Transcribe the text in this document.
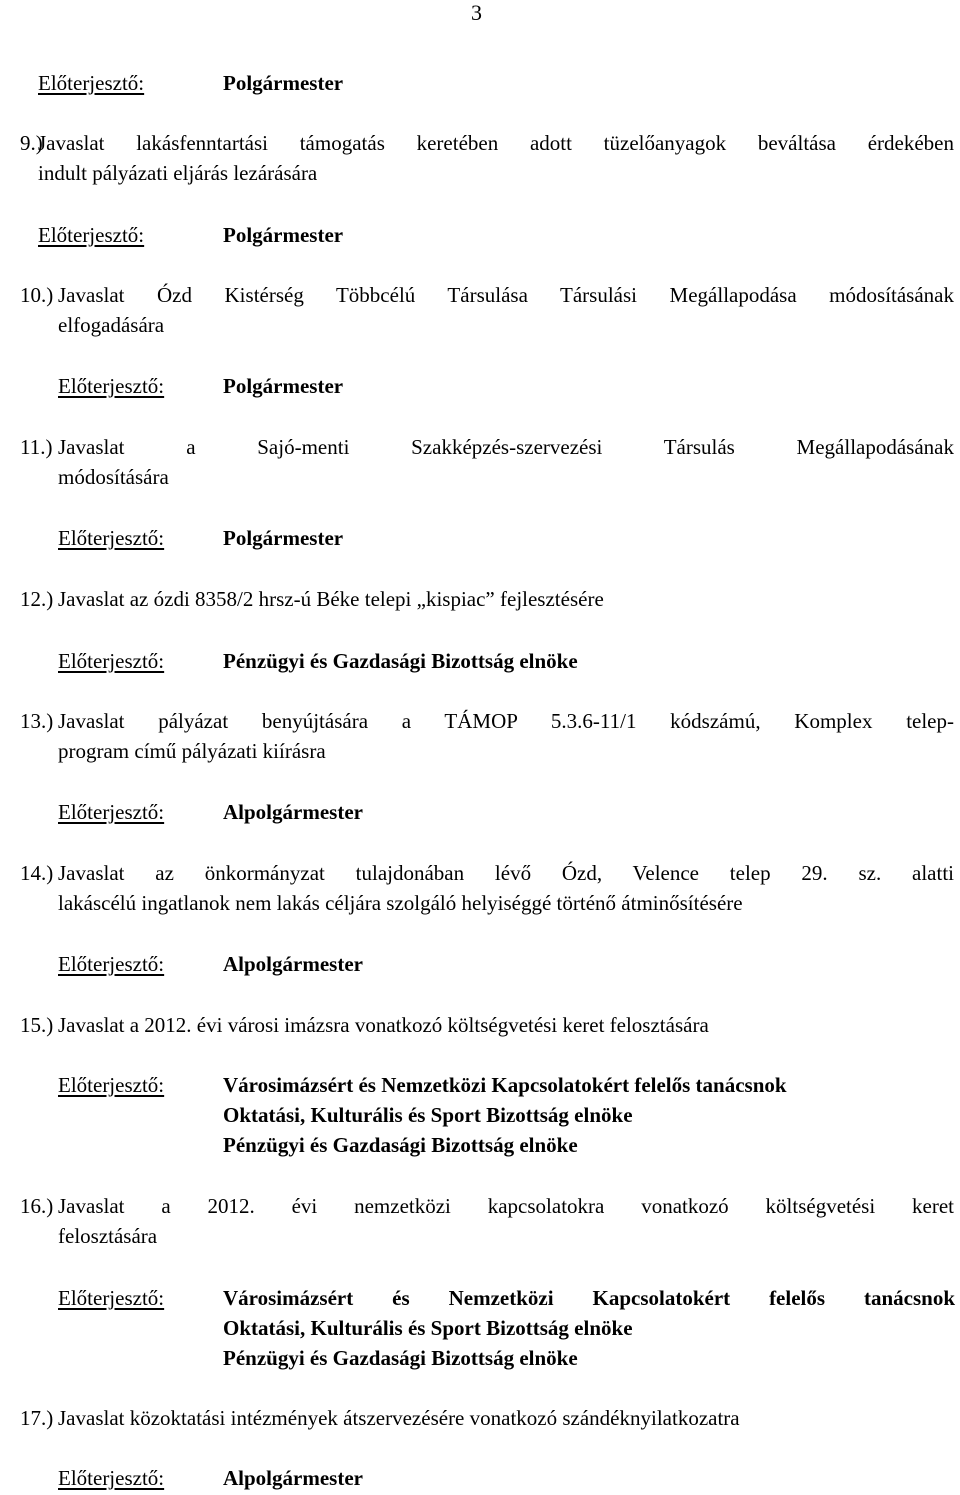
3
Előterjesztő:	Polgármester
9.)
Javaslat lakásfenntartási támogatás keretében adott tüzelőanyagok beváltása érdekében
indult pályázati eljárás lezárására
Előterjesztő:	Polgármester
10.) Javaslat Ózd Kistérség Többcélú Társulása Társulási Megállapodása módosításának
elfogadására
Előterjesztő:	Polgármester
11.) Javaslat a Sajó-menti Szakképzés-szervezési Társulás Megállapodásának
módosítására
Előterjesztő:	Polgármester
12.) Javaslat az ózdi 8358/2 hrsz-ú Béke telepi „kispiac” fejlesztésére
Előterjesztő:	Pénzügyi és Gazdasági Bizottság elnöke
13.) Javaslat pályázat benyújtására a TÁMOP 5.3.6-11/1 kódszámú, Komplex telep-
program című pályázati kiírásra
Előterjesztő:	Alpolgármester
14.) Javaslat az önkormányzat tulajdonában lévő Ózd, Velence telep 29. sz. alatti
lakáscélú ingatlanok nem lakás céljára szolgáló helyiséggé történő átminősítésére
Előterjesztő:	Alpolgármester
15.) Javaslat a 2012. évi városi imázsra vonatkozó költségvetési keret felosztására
Előterjesztő:	Városimázsért és Nemzetközi Kapcsolatokért felelős tanácsnok
Oktatási, Kulturális és Sport Bizottság elnöke
Pénzügyi és Gazdasági Bizottság elnöke
16.) Javaslat a 2012. évi nemzetközi kapcsolatokra vonatkozó költségvetési keret
felosztására
Előterjesztő:	Városimázsért és Nemzetközi Kapcsolatokért felelős tanácsnok
Oktatási, Kulturális és Sport Bizottság elnöke
Pénzügyi és Gazdasági Bizottság elnöke
17.) Javaslat közoktatási intézmények átszervezésére vonatkozó szándéknyilatkozatra
Előterjesztő:	Alpolgármester
